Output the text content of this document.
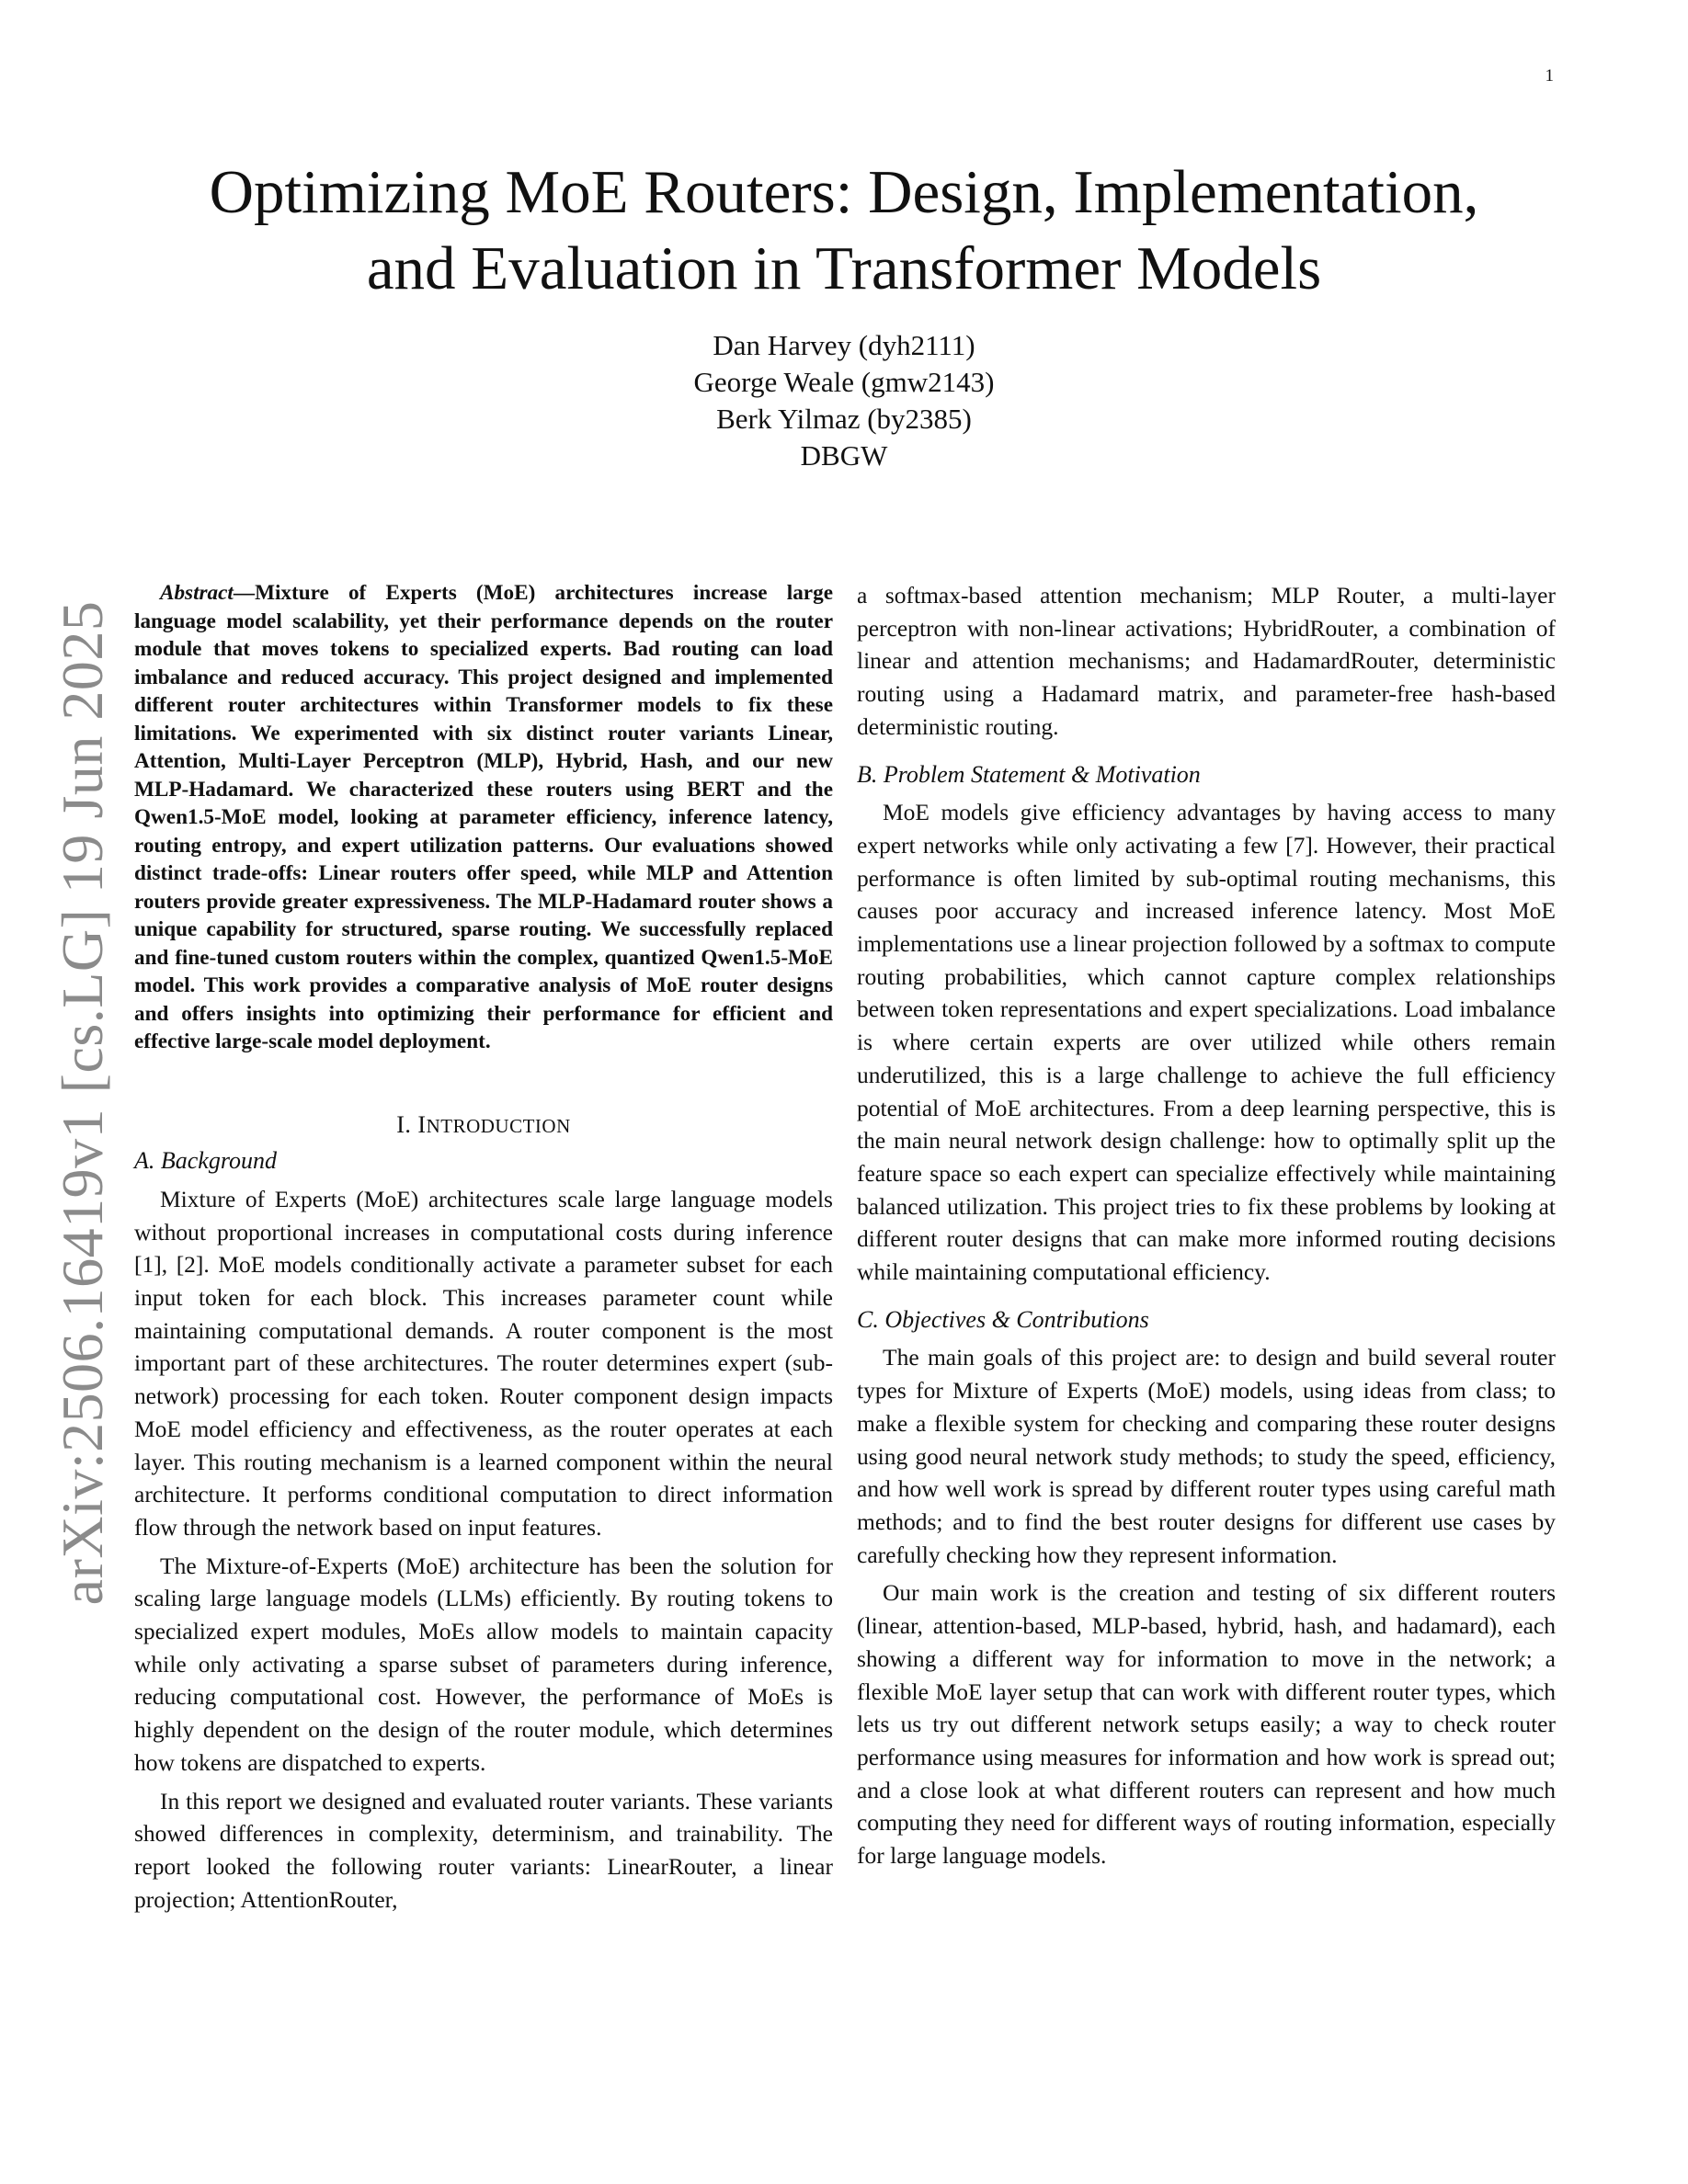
1
arXiv:2506.16419v1 [cs.LG] 19 Jun 2025
Optimizing MoE Routers: Design, Implementation,
and Evaluation in Transformer Models
Dan Harvey (dyh2111)
George Weale (gmw2143)
Berk Yilmaz (by2385)
DBGW

Abstract—Mixture of Experts (MoE) architectures increase large language model scalability, yet their performance depends on the router module that moves tokens to specialized experts. Bad routing can load imbalance and reduced accuracy. This project designed and implemented different router architectures within Transformer models to fix these limitations. We experimented with six distinct router variants Linear, Attention, Multi-Layer Perceptron (MLP), Hybrid, Hash, and our new MLP-Hadamard. We characterized these routers using BERT and the Qwen1.5-MoE model, looking at parameter efficiency, inference latency, routing entropy, and expert utilization patterns. Our evaluations showed distinct trade-offs: Linear routers offer speed, while MLP and Attention routers provide greater expressiveness. The MLP-Hadamard router shows a unique capability for structured, sparse routing. We successfully replaced and fine-tuned custom routers within the complex, quantized Qwen1.5-MoE model. This work provides a comparative analysis of MoE router designs and offers insights into optimizing their performance for efficient and effective large-scale model deployment.

I. INTRODUCTION
A. Background

Mixture of Experts (MoE) architectures scale large language models without proportional increases in computational costs during inference [1], [2]. MoE models conditionally activate a parameter subset for each input token for each block. This increases parameter count while maintaining computational demands. A router component is the most important part of these architectures. The router determines expert (sub-network) processing for each token. Router component design impacts MoE model efficiency and effectiveness, as the router operates at each layer. This routing mechanism is a learned component within the neural architecture. It performs conditional computation to direct information flow through the network based on input features.

The Mixture-of-Experts (MoE) architecture has been the solution for scaling large language models (LLMs) efficiently. By routing tokens to specialized expert modules, MoEs allow models to maintain capacity while only activating a sparse subset of parameters during inference, reducing computational cost. However, the performance of MoEs is highly dependent on the design of the router module, which determines how tokens are dispatched to experts.

In this report we designed and evaluated router variants. These variants showed differences in complexity, determinism, and trainability. The report looked the following router variants: LinearRouter, a linear projection; AttentionRouter,

a softmax-based attention mechanism; MLP Router, a multi-layer perceptron with non-linear activations; HybridRouter, a combination of linear and attention mechanisms; and HadamardRouter, deterministic routing using a Hadamard matrix, and parameter-free hash-based deterministic routing.

B. Problem Statement & Motivation

MoE models give efficiency advantages by having access to many expert networks while only activating a few [7]. However, their practical performance is often limited by sub-optimal routing mechanisms, this causes poor accuracy and increased inference latency. Most MoE implementations use a linear projection followed by a softmax to compute routing probabilities, which cannot capture complex relationships between token representations and expert specializations. Load imbalance is where certain experts are over utilized while others remain underutilized, this is a large challenge to achieve the full efficiency potential of MoE architectures. From a deep learning perspective, this is the main neural network design challenge: how to optimally split up the feature space so each expert can specialize effectively while maintaining balanced utilization. This project tries to fix these problems by looking at different router designs that can make more informed routing decisions while maintaining computational efficiency.

C. Objectives & Contributions

The main goals of this project are: to design and build several router types for Mixture of Experts (MoE) models, using ideas from class; to make a flexible system for checking and comparing these router designs using good neural network study methods; to study the speed, efficiency, and how well work is spread by different router types using careful math methods; and to find the best router designs for different use cases by carefully checking how they represent information.

Our main work is the creation and testing of six different routers (linear, attention-based, MLP-based, hybrid, hash, and hadamard), each showing a different way for information to move in the network; a flexible MoE layer setup that can work with different router types, which lets us try out different network setups easily; a way to check router performance using measures for information and how work is spread out; and a close look at what different routers can represent and how much computing they need for different ways of routing information, especially for large language models.
